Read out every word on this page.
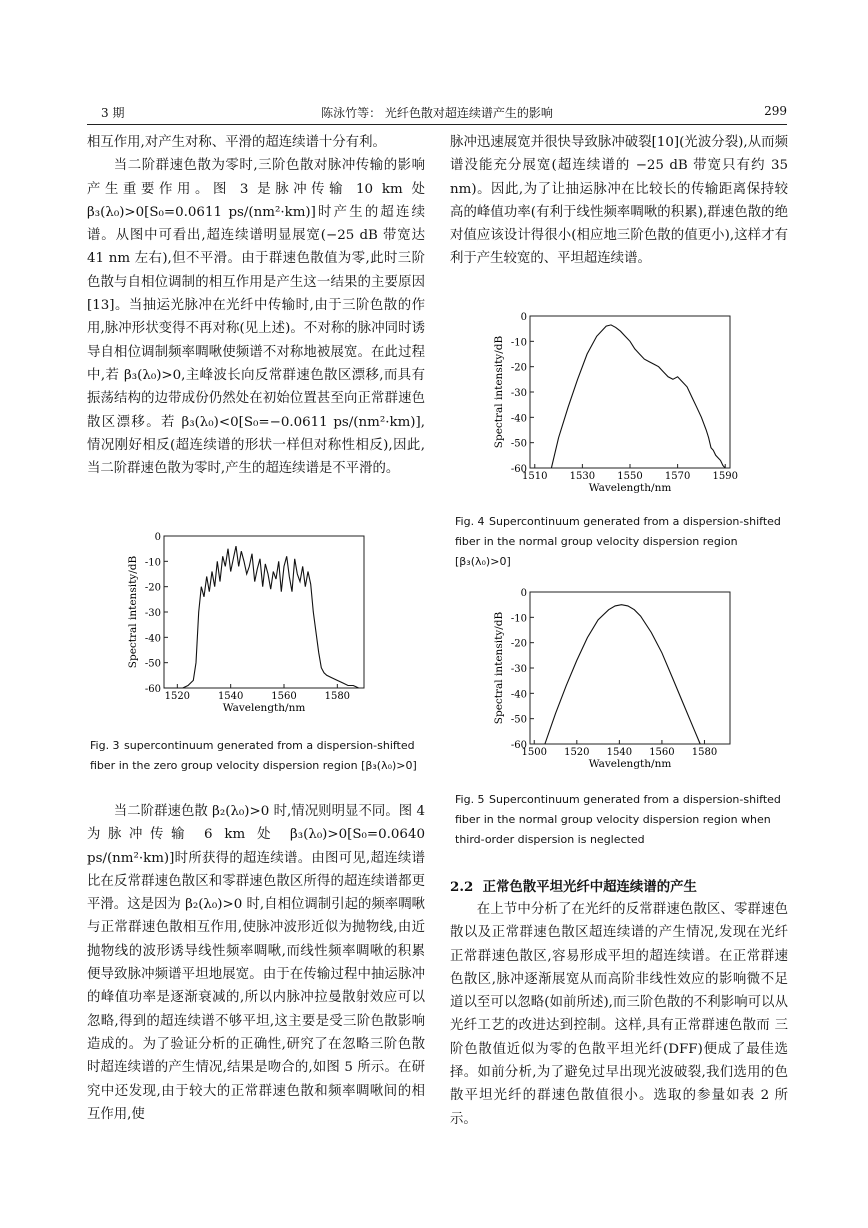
3 期	陈泳竹等： 光纤色散对超连续谱产生的影响	299

相互作用,对产生对称、平滑的超连续谱十分有利。

当二阶群速色散为零时,三阶色散对脉冲传输的影响产生重要作用。图 3 是脉冲传输 10 km 处 β₃(λ₀)>0[S₀=0.0611 ps/(nm²·km)]时产生的超连续谱。从图中可看出,超连续谱明显展宽(−25 dB 带宽达 41 nm 左右),但不平滑。由于群速色散值为零,此时三阶色散与自相位调制的相互作用是产生这一结果的主要原因[13]。当抽运光脉冲在光纤中传输时,由于三阶色散的作用,脉冲形状变得不再对称(见上述)。不对称的脉冲同时诱导自相位调制频率啁啾使频谱不对称地被展宽。在此过程中,若 β₃(λ₀)>0,主峰波长向反常群速色散区漂移,而具有振荡结构的边带成份仍然处在初始位置甚至向正常群速色散区漂移。若 β₃(λ₀)<0[S₀=−0.0611 ps/(nm²·km)],情况刚好相反(超连续谱的形状一样但对称性相反),因此,当二阶群速色散为零时,产生的超连续谱是不平滑的。

0
-10
-20
-30
-40
-50
-60
1520	1540	1560	1580
Wavelength/nm
Spectral intensity/dB
Fig. 3 supercontinuum generated from a dispersion-shifted fiber in the zero group velocity dispersion region [β₃(λ₀)>0]

当二阶群速色散 β₂(λ₀)>0 时,情况则明显不同。图 4 为脉冲传输 6 km 处 β₃(λ₀)>0[S₀=0.0640 ps/(nm²·km)]时所获得的超连续谱。由图可见,超连续谱比在反常群速色散区和零群速色散区所得的超连续谱都更平滑。这是因为 β₂(λ₀)>0 时,自相位调制引起的频率啁啾与正常群速色散相互作用,使脉冲波形近似为抛物线,由近抛物线的波形诱导线性频率啁啾,而线性频率啁啾的积累便导致脉冲频谱平坦地展宽。由于在传输过程中抽运脉冲的峰值功率是逐渐衰减的,所以内脉冲拉曼散射效应可以忽略,得到的超连续谱不够平坦,这主要是受三阶色散影响造成的。为了验证分析的正确性,研究了在忽略三阶色散时超连续谱的产生情况,结果是吻合的,如图 5 所示。在研究中还发现,由于较大的正常群速色散和频率啁啾间的相互作用,使

脉冲迅速展宽并很快导致脉冲破裂[10](光波分裂),从而频谱没能充分展宽(超连续谱的 −25 dB 带宽只有约 35 nm)。因此,为了让抽运脉冲在比较长的传输距离保持较高的峰值功率(有利于线性频率啁啾的积累),群速色散的绝对值应该设计得很小(相应地三阶色散的值更小),这样才有利于产生较宽的、平坦超连续谱。

0
-10
-20
-30
-40
-50
-60
1510 1530 1550 1570 1590
Wavelength/nm
Spectral intensity/dB
Fig. 4 Supercontinuum generated from a dispersion-shifted fiber in the normal group velocity dispersion region [β₃(λ₀)>0]
0
-10
-20
-30
-40
-50
-60
1500 1520 1540 1560 1580
Wavelength/nm
Spectral intensity/dB
Fig. 5 Supercontinuum generated from a dispersion-shifted fiber in the normal group velocity dispersion region when third-order dispersion is neglected
2.2 正常色散平坦光纤中超连续谱的产生

在上节中分析了在光纤的反常群速色散区、零群速色散以及正常群速色散区超连续谱的产生情况,发现在光纤正常群速色散区,容易形成平坦的超连续谱。在正常群速色散区,脉冲逐渐展宽从而高阶非线性效应的影响微不足道以至可以忽略(如前所述),而三阶色散的不利影响可以从光纤工艺的改进达到控制。这样,具有正常群速色散而 三阶色散值近似为零的色散平坦光纤(DFF)便成了最佳选择。如前分析,为了避免过早出现光波破裂,我们选用的色散平坦光纤的群速色散值很小。选取的参量如表 2 所示。
